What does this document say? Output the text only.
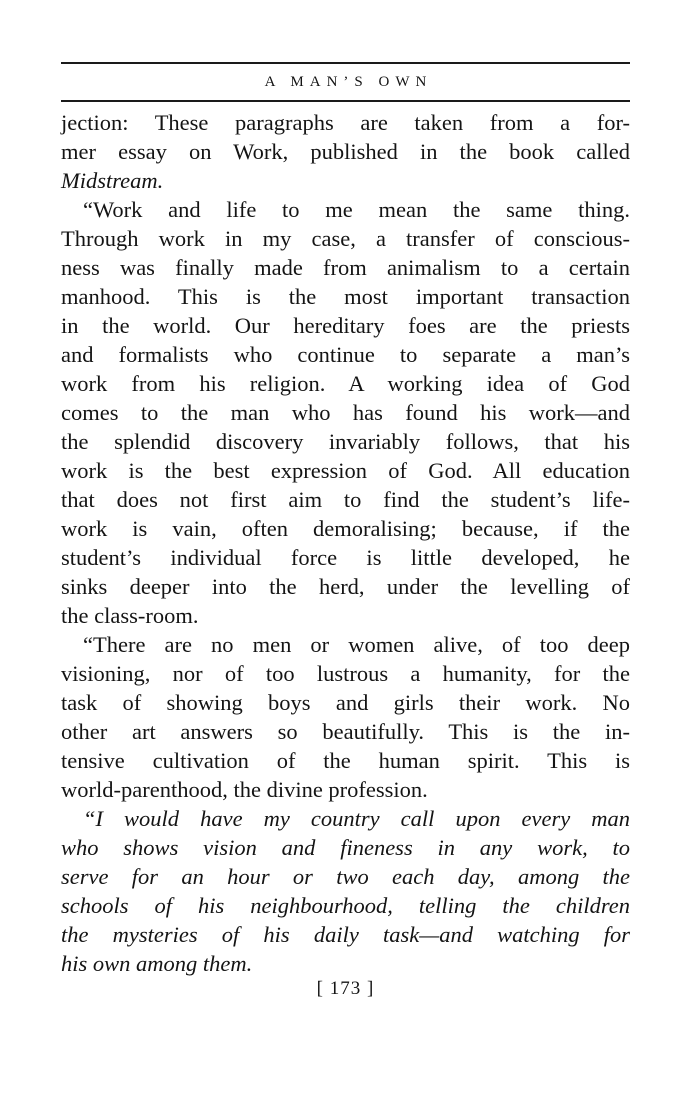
A MAN’S OWN
jection: These paragraphs are taken from a for-
mer essay on Work, published in the book called
Midstream.
“Work and life to me mean the same thing.
Through work in my case, a transfer of conscious-
ness was finally made from animalism to a certain
manhood. This is the most important transaction
in the world. Our hereditary foes are the priests
and formalists who continue to separate a man’s
work from his religion. A working idea of God
comes to the man who has found his work—and
the splendid discovery invariably follows, that his
work is the best expression of God. All education
that does not first aim to find the student’s life-
work is vain, often demoralising; because, if the
student’s individual force is little developed, he
sinks deeper into the herd, under the levelling of
the class-room.
“There are no men or women alive, of too deep
visioning, nor of too lustrous a humanity, for the
task of showing boys and girls their work. No
other art answers so beautifully. This is the in-
tensive cultivation of the human spirit. This is
world-parenthood, the divine profession.
“I would have my country call upon every man
who shows vision and fineness in any work, to
serve for an hour or two each day, among the
schools of his neighbourhood, telling the children
the mysteries of his daily task—and watching for
his own among them.
[ 173 ]
